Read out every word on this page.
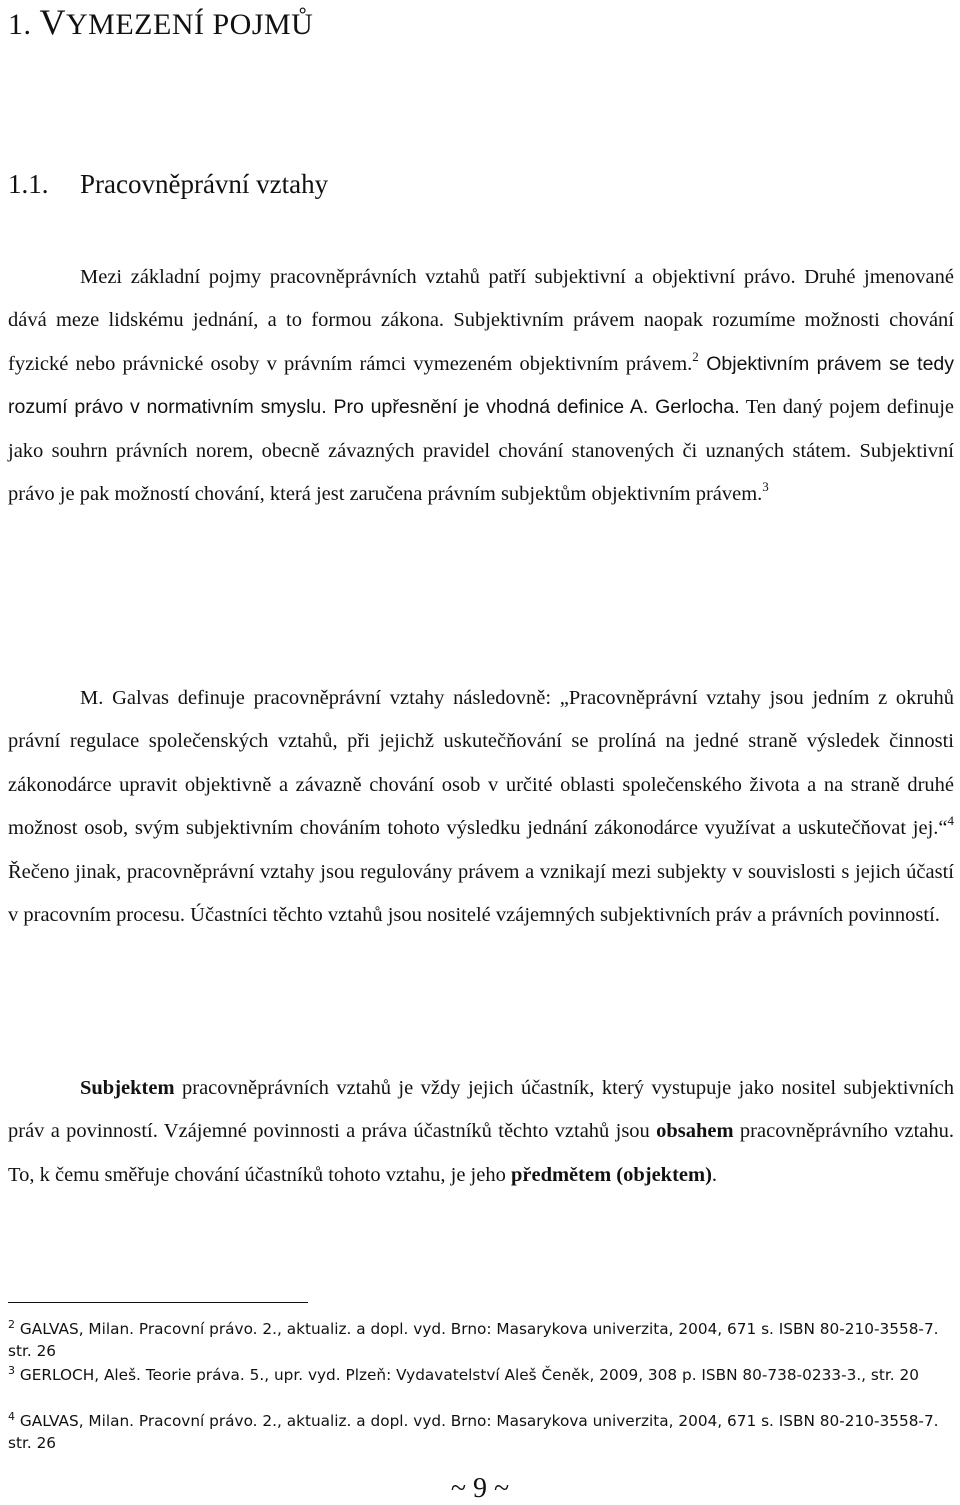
1. VYMEZENÍ POJMŮ
1.1. Pracovněprávní vztahy

Mezi základní pojmy pracovněprávních vztahů patří subjektivní a objektivní právo. Druhé jmenované dává meze lidskému jednání, a to formou zákona. Subjektivním právem naopak rozumíme možnosti chování fyzické nebo právnické osoby v právním rámci vymezeném objektivním právem.$^2$ Objektivním právem se tedy rozumí právo v normativním smyslu. Pro upřesnění je vhodná definice A. Gerlocha. Ten daný pojem definuje jako souhrn právních norem, obecně závazných pravidel chování stanovených či uznaných státem. Subjektivní právo je pak možností chování, která jest zaručena právním subjektům objektivním právem.$^3$

M. Galvas definuje pracovněprávní vztahy následovně: „Pracovněprávní vztahy jsou jedním z okruhů právní regulace společenských vztahů, při jejichž uskutečňování se prolíná na jedné straně výsledek činnosti zákonodárce upravit objektivně a závazně chování osob v určité oblasti společenského života a na straně druhé možnost osob, svým subjektivním chováním tohoto výsledku jednání zákonodárce využívat a uskutečňovat jej.“$^4$ Řečeno jinak, pracovněprávní vztahy jsou regulovány právem a vznikají mezi subjekty v souvislosti s jejich účastí v pracovním procesu. Účastníci těchto vztahů jsou nositelé vzájemných subjektivních práv a právních povinností.

Subjektem pracovněprávních vztahů je vždy jejich účastník, který vystupuje jako nositel subjektivních práv a povinností. Vzájemné povinnosti a práva účastníků těchto vztahů jsou obsahem pracovněprávního vztahu. To, k čemu směřuje chování účastníků tohoto vztahu, je jeho předmětem (objektem).

$^2$ GALVAS, Milan. Pracovní právo. 2., aktualiz. a dopl. vyd. Brno: Masarykova univerzita, 2004, 671 s. ISBN 80-210-3558-7. str. 26

$^3$ GERLOCH, Aleš. Teorie práva. 5., upr. vyd. Plzeň: Vydavatelství Aleš Čeněk, 2009, 308 p. ISBN 80-738-0233-3., str. 20

$^4$ GALVAS, Milan. Pracovní právo. 2., aktualiz. a dopl. vyd. Brno: Masarykova univerzita, 2004, 671 s. ISBN 80-210-3558-7. str. 26

~ 9 ~
